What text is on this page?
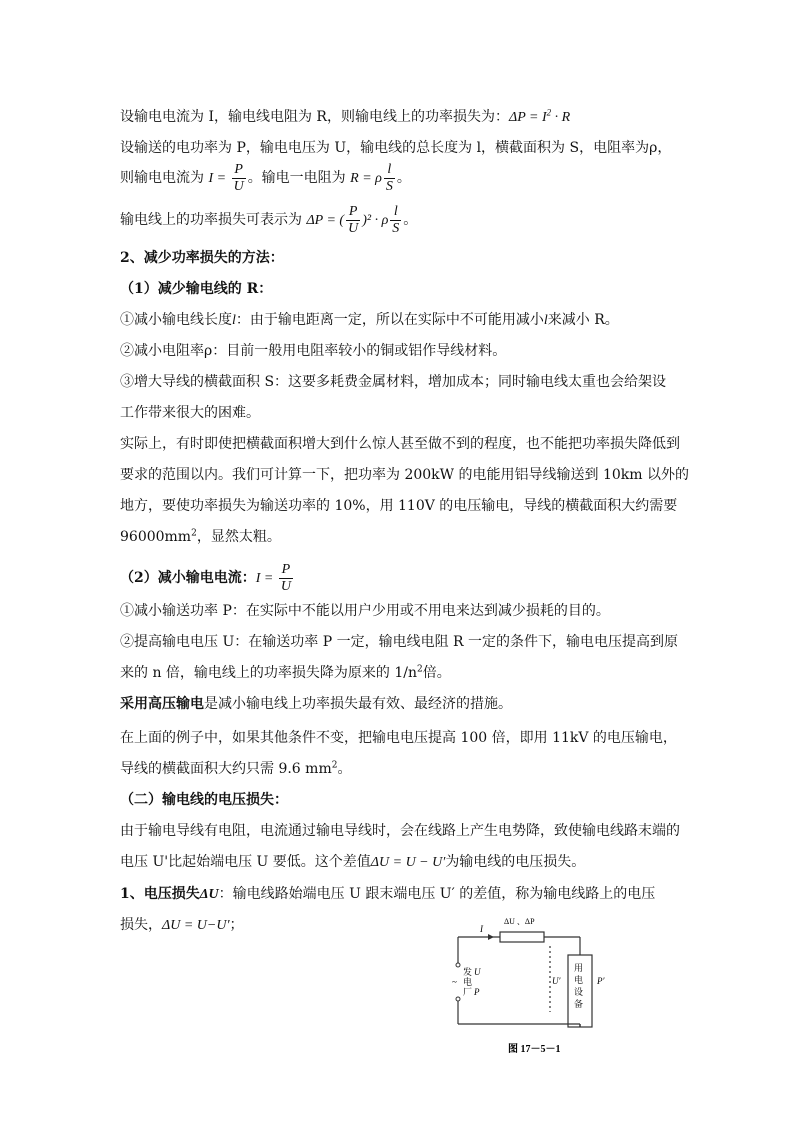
设输电电流为 I，输电线电阻为 R，则输电线上的功率损失为：$\Delta P = I^2 \cdot R$
设输送的电功率为 P，输电电压为 U，输电线的总长度为 l，横截面积为 S，电阻率为ρ，
则输电电流为 $I = \frac{P}{U}$ 。输电一电阻为 R = ρ $\frac{l}{S}$ 。
输电线上的功率损失可表示为 ΔP = ( $\frac{P}{U} )^2 \cdot \rho \frac{l}{S}$ 。
2、减少功率损失的方法：
（1）减少输电线的 R：
①减小输电线长度l：由于输电距离一定，所以在实际中不可能用减小l来减小 R。
②减小电阻率ρ：目前一般用电阻率较小的铜或铝作导线材料。
③增大导线的横截面积 S：这要多耗费金属材料，增加成本；同时输电线太重也会给架设
工作带来很大的困难。
实际上，有时即使把横截面积增大到什么惊人甚至做不到的程度，也不能把功率损失降低到
要求的范围以内。我们可计算一下，把功率为 200kW 的电能用铝导线输送到 10km 以外的
地方，要使功率损失为输送功率的 10%，用 110V 的电压输电，导线的横截面积大约需要
$96000mm^2$，显然太粗。
（2）减小输电电流：$I = \frac{P}{U}$
①减小输送功率 P：在实际中不能以用户少用或不用电来达到减少损耗的目的。
②提高输电电压 U：在输送功率 P 一定，输电线电阻 R 一定的条件下，输电电压提高到原
来的 n 倍，输电线上的功率损失降为原来的 $1/n^2$倍。
采用高压输电是减小输电线上功率损失最有效、最经济的措施。
在上面的例子中，如果其他条件不变，把输电电压提高 100 倍，即用 11kV 的电压输电，
导线的横截面积大约只需 9.6 $mm^2$。
（二）输电线的电压损失：
由于输电导线有电阻，电流通过输电导线时，会在线路上产生电势降，致使输电线路末端的
电压 U'比起始端电压 U 要低。这个差值ΔU = U − U′为输电线的电压损失。
1、电压损失ΔU：输电线路始端电压 U 跟末端电压 U′ 的差值，称为输电线路上的电压
损失，ΔU = U−U′；	I
ΔU 、ΔP
发 U
~ 电
厂 P
U′
用
电
设
备
P′
图 17－5－1
